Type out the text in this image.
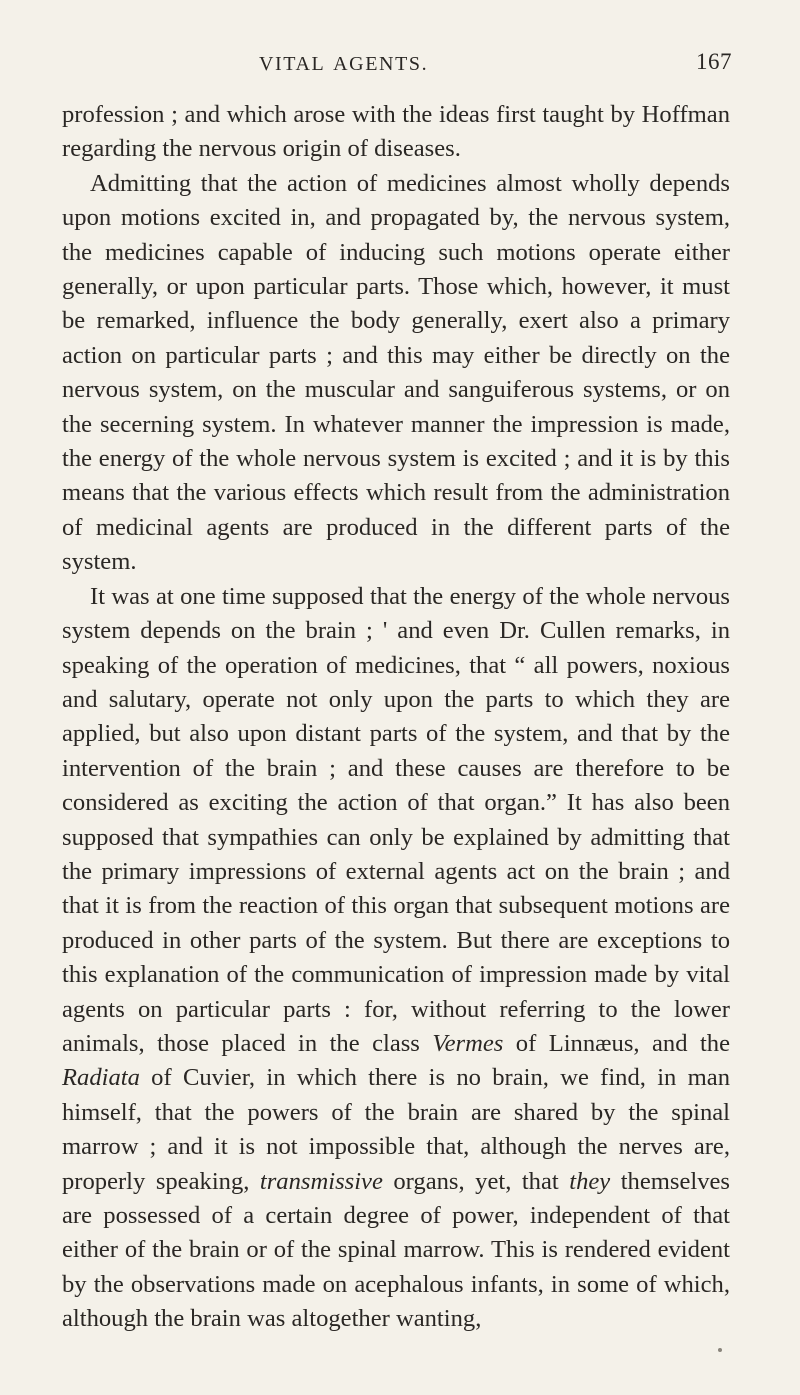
VITAL AGENTS.	167

profession ; and which arose with the ideas first taught by Hoffman regarding the nervous origin of diseases.

Admitting that the action of medicines almost wholly depends upon motions excited in, and propagated by, the nervous system, the medicines capable of inducing such motions operate either generally, or upon particular parts. Those which, however, it must be remarked, influence the body generally, exert also a primary action on particular parts ; and this may either be directly on the nervous system, on the muscular and sanguiferous systems, or on the secerning system. In whatever manner the impression is made, the energy of the whole nervous system is excited ; and it is by this means that the various effects which result from the administration of medicinal agents are produced in the different parts of the system.

It was at one time supposed that the energy of the whole nervous system depends on the brain ; ' and even Dr. Cullen remarks, in speaking of the operation of medicines, that “ all powers, noxious and salutary, operate not only upon the parts to which they are applied, but also upon distant parts of the system, and that by the intervention of the brain ; and these causes are therefore to be considered as exciting the action of that organ.” It has also been supposed that sympathies can only be explained by admitting that the primary impressions of external agents act on the brain ; and that it is from the reaction of this organ that subsequent motions are produced in other parts of the system. But there are exceptions to this explanation of the communication of impression made by vital agents on particular parts : for, without referring to the lower animals, those placed in the class Vermes of Linnæus, and the Radiata of Cuvier, in which there is no brain, we find, in man himself, that the powers of the brain are shared by the spinal marrow ; and it is not impossible that, although the nerves are, properly speaking, transmissive organs, yet, that they themselves are possessed of a certain degree of power, independent of that either of the brain or of the spinal marrow. This is rendered evident by the observations made on acephalous infants, in some of which, although the brain was altogether wanting,
